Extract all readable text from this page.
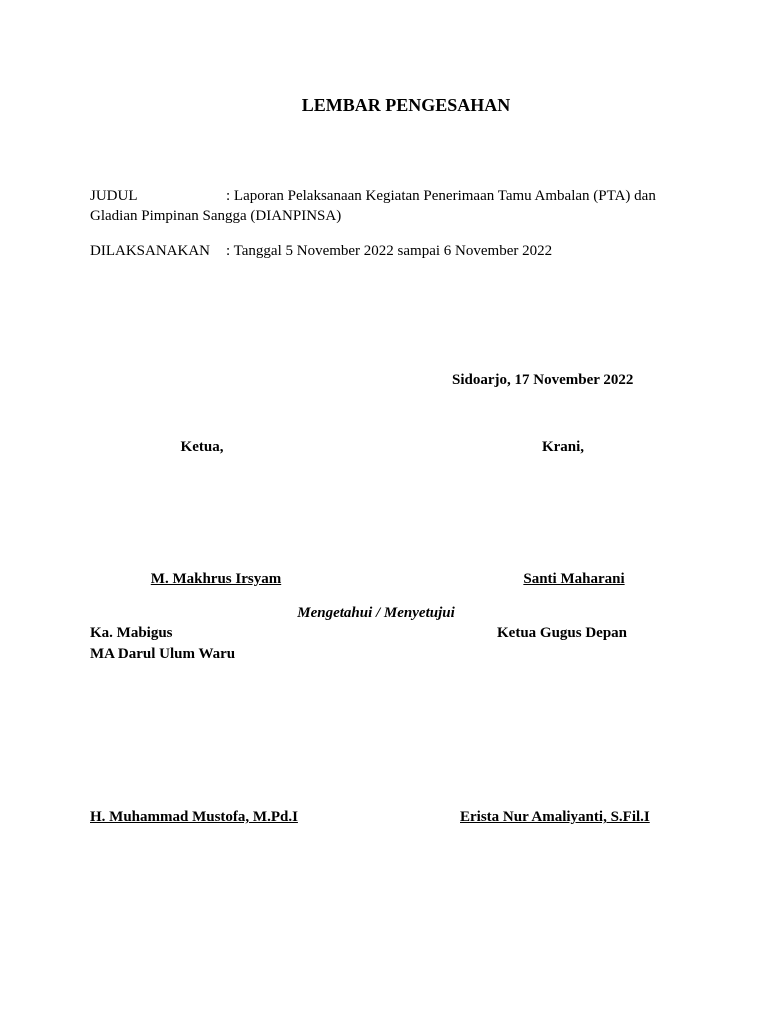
LEMBAR PENGESAHAN
JUDUL	: Laporan Pelaksanaan Kegiatan Penerimaan Tamu Ambalan (PTA) dan
Gladian Pimpinan Sangga (DIANPINSA)
DILAKSANAKAN : Tanggal 5 November 2022 sampai 6 November 2022
Sidoarjo, 17 November 2022
Ketua,	Krani,
M. Makhrus Irsyam	Santi Maharani
Mengetahui / Menyetujui
Ka. Mabigus
MA Darul Ulum Waru
Ketua Gugus Depan
H. Muhammad Mustofa, M.Pd.I	Erista Nur Amaliyanti, S.Fil.I
